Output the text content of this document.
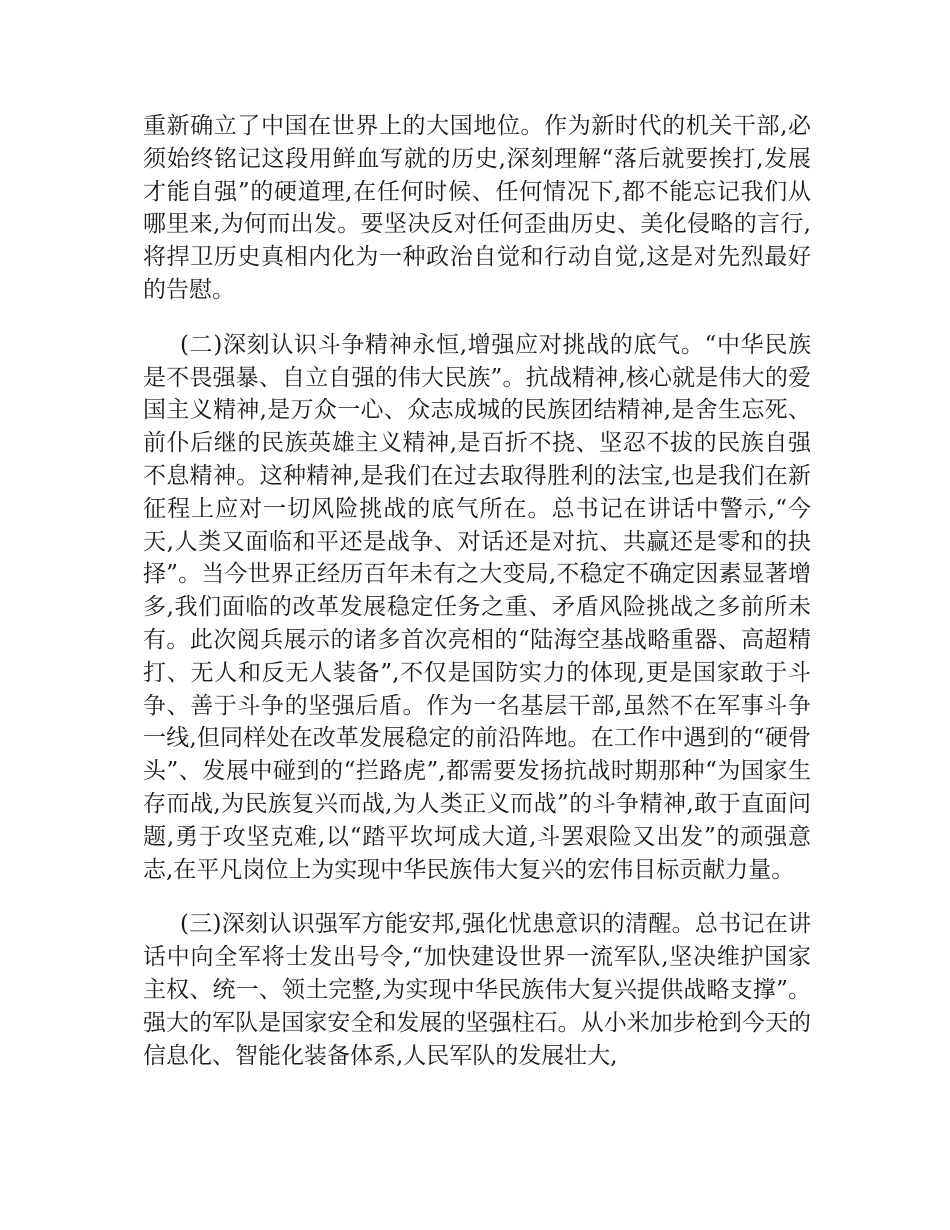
重新确立了中国在世界上的大国地位。作为新时代的机关干部,必须始终铭记这段用鲜血写就的历史,深刻理解“落后就要挨打,发展才能自强”的硬道理,在任何时候、任何情况下,都不能忘记我们从哪里来,为何而出发。要坚决反对任何歪曲历史、美化侵略的言行,将捍卫历史真相内化为一种政治自觉和行动自觉,这是对先烈最好的告慰。

(二)深刻认识斗争精神永恒,增强应对挑战的底气。“中华民族是不畏强暴、自立自强的伟大民族”。抗战精神,核心就是伟大的爱国主义精神,是万众一心、众志成城的民族团结精神,是舍生忘死、前仆后继的民族英雄主义精神,是百折不挠、坚忍不拔的民族自强不息精神。这种精神,是我们在过去取得胜利的法宝,也是我们在新征程上应对一切风险挑战的底气所在。总书记在讲话中警示,“今天,人类又面临和平还是战争、对话还是对抗、共赢还是零和的抉择”。当今世界正经历百年未有之大变局,不稳定不确定因素显著增多,我们面临的改革发展稳定任务之重、矛盾风险挑战之多前所未有。此次阅兵展示的诸多首次亮相的“陆海空基战略重器、高超精打、无人和反无人装备”,不仅是国防实力的体现,更是国家敢于斗争、善于斗争的坚强后盾。作为一名基层干部,虽然不在军事斗争一线,但同样处在改革发展稳定的前沿阵地。在工作中遇到的“硬骨头”、发展中碰到的“拦路虎”,都需要发扬抗战时期那种“为国家生存而战,为民族复兴而战,为人类正义而战”的斗争精神,敢于直面问题,勇于攻坚克难,以“踏平坎坷成大道,斗罢艰险又出发”的顽强意志,在平凡岗位上为实现中华民族伟大复兴的宏伟目标贡献力量。

(三)深刻认识强军方能安邦,强化忧患意识的清醒。总书记在讲话中向全军将士发出号令,“加快建设世界一流军队,坚决维护国家主权、统一、领土完整,为实现中华民族伟大复兴提供战略支撑”。强大的军队是国家安全和发展的坚强柱石。从小米加步枪到今天的信息化、智能化装备体系,人民军队的发展壮大,
